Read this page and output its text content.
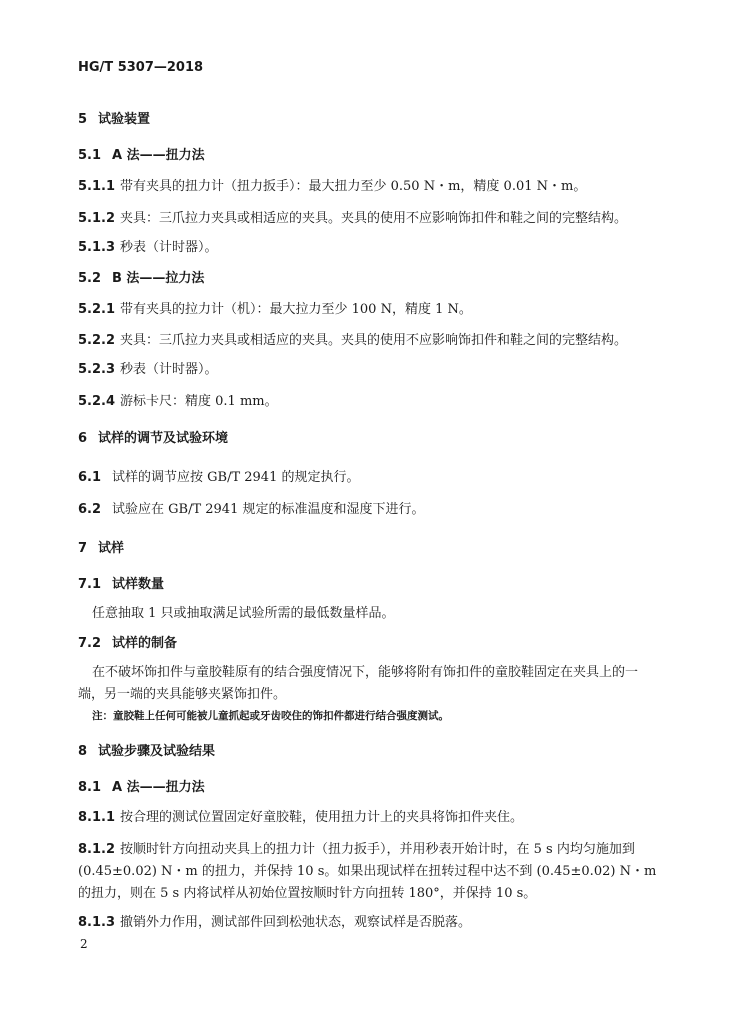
HG/T 5307—2018
5 试验装置
5.1 A 法——扭力法
5.1.1 带有夹具的扭力计（扭力扳手）：最大扭力至少 0.50 N・m，精度 0.01 N・m。
5.1.2 夹具：三爪拉力夹具或相适应的夹具。夹具的使用不应影响饰扣件和鞋之间的完整结构。
5.1.3 秒表（计时器）。
5.2 B 法——拉力法
5.2.1 带有夹具的拉力计（机）：最大拉力至少 100 N，精度 1 N。
5.2.2 夹具：三爪拉力夹具或相适应的夹具。夹具的使用不应影响饰扣件和鞋之间的完整结构。
5.2.3 秒表（计时器）。
5.2.4 游标卡尺：精度 0.1 mm。
6 试样的调节及试验环境
6.1 试样的调节应按 GB/T 2941 的规定执行。
6.2 试验应在 GB/T 2941 规定的标准温度和湿度下进行。
7 试样
7.1 试样数量
任意抽取 1 只或抽取满足试验所需的最低数量样品。
7.2 试样的制备
在不破坏饰扣件与童胶鞋原有的结合强度情况下，能够将附有饰扣件的童胶鞋固定在夹具上的一
端，另一端的夹具能够夹紧饰扣件。
注：童胶鞋上任何可能被儿童抓起或牙齿咬住的饰扣件都进行结合强度测试。
8 试验步骤及试验结果
8.1 A 法——扭力法
8.1.1 按合理的测试位置固定好童胶鞋，使用扭力计上的夹具将饰扣件夹住。
8.1.2 按顺时针方向扭动夹具上的扭力计（扭力扳手），并用秒表开始计时，在 5 s 内均匀施加到
(0.45±0.02) N・m 的扭力，并保持 10 s。如果出现试样在扭转过程中达不到 (0.45±0.02) N・m
的扭力，则在 5 s 内将试样从初始位置按顺时针方向扭转 180°，并保持 10 s。
8.1.3 撤销外力作用，测试部件回到松弛状态，观察试样是否脱落。
2
